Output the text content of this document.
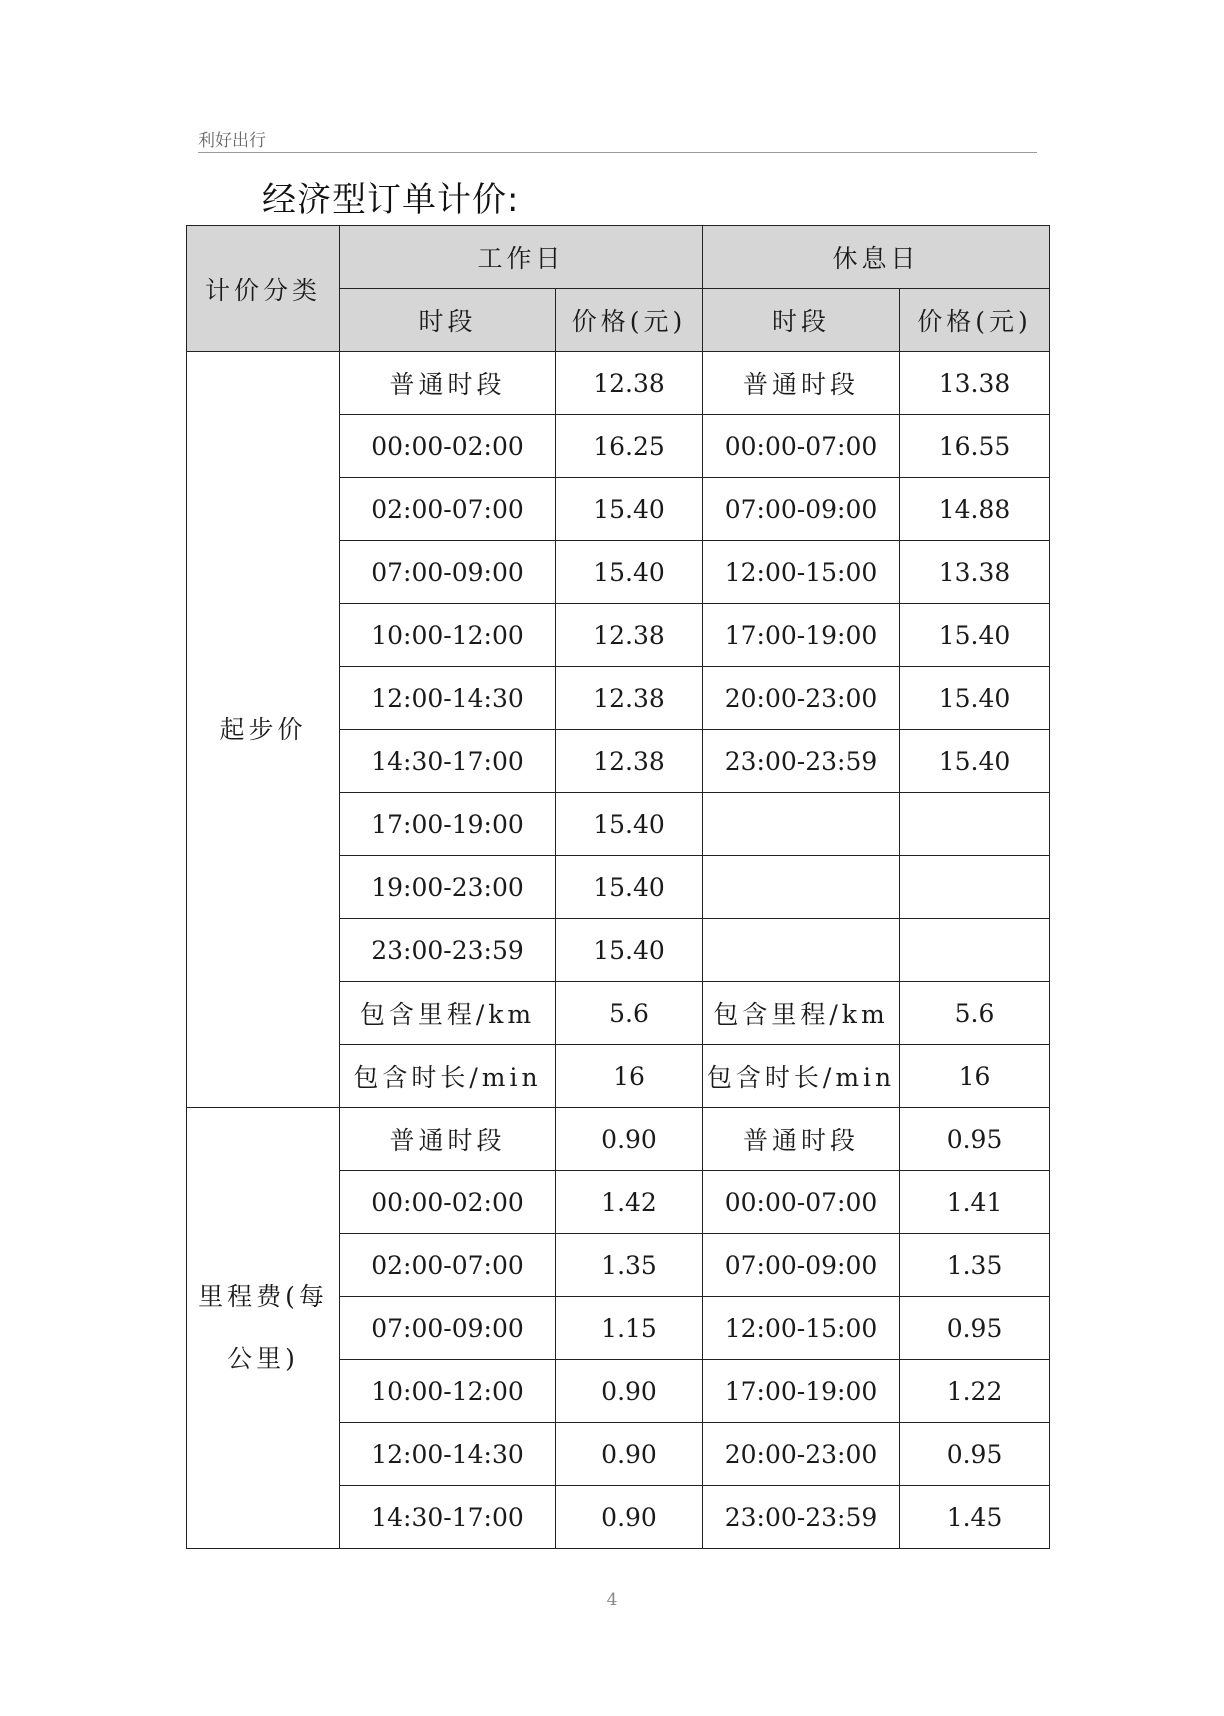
利好出行
经济型订单计价:
计价分类	工作日		休息日	
	时段	价格(元)	时段	价格(元)
起步价	普通时段	12.38	普通时段	13.38
	00:00-02:00	16.25	00:00-07:00	16.55
	02:00-07:00	15.40	07:00-09:00	14.88
	07:00-09:00	15.40	12:00-15:00	13.38
	10:00-12:00	12.38	17:00-19:00	15.40
	12:00-14:30	12.38	20:00-23:00	15.40
	14:30-17:00	12.38	23:00-23:59	15.40
	17:00-19:00	15.40		
	19:00-23:00	15.40		
	23:00-23:59	15.40		
	包含里程/km	5.6	包含里程/km	5.6
	包含时长/min	16	包含时长/min	16
里程费(每公里)	普通时段	0.90	普通时段	0.95
	00:00-02:00	1.42	00:00-07:00	1.41
	02:00-07:00	1.35	07:00-09:00	1.35
	07:00-09:00	1.15	12:00-15:00	0.95
	10:00-12:00	0.90	17:00-19:00	1.22
	12:00-14:30	0.90	20:00-23:00	0.95
	14:30-17:00	0.90	23:00-23:59	1.45
4
